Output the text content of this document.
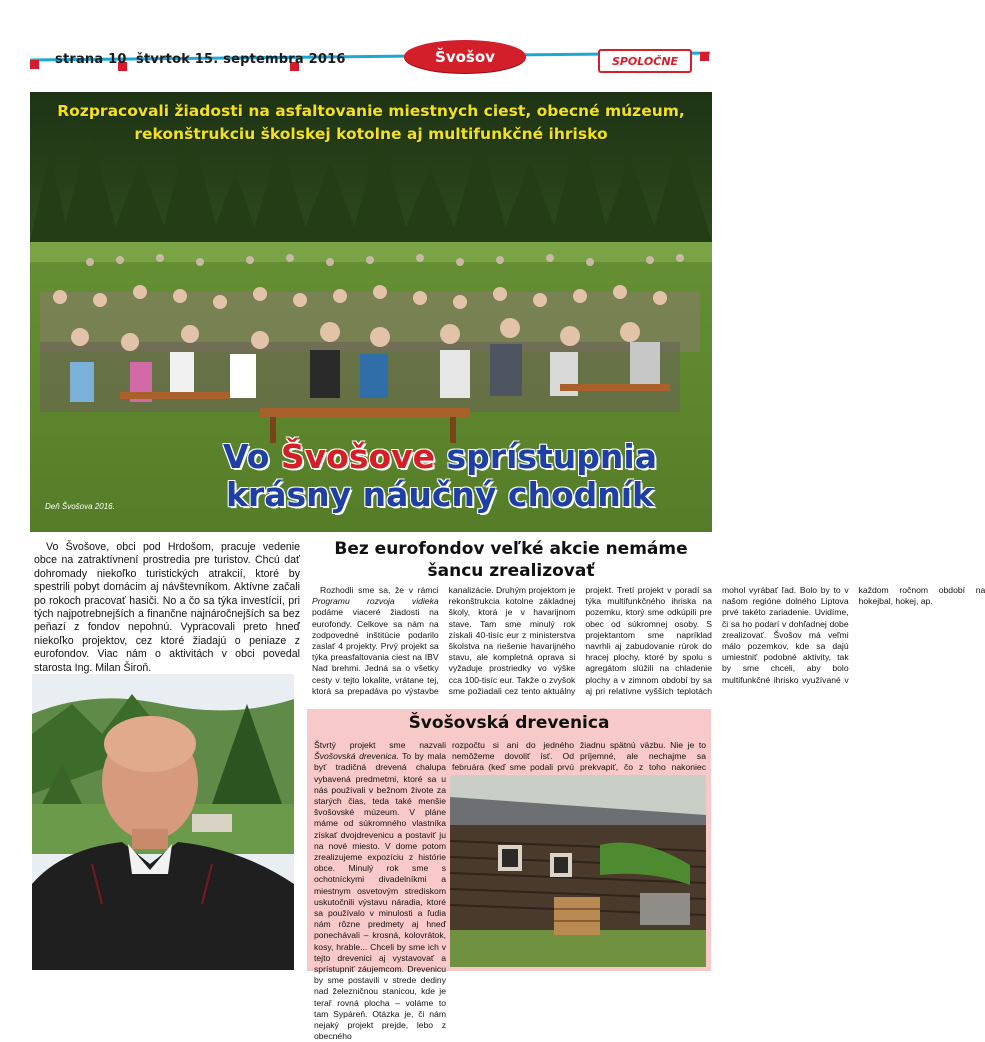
strana 10 štvrtok 15. septembra 2016	Švošov	SPOLOČNE
Rozpracovali žiadosti na asfaltovanie miestnych ciest, obecné múzeum,
rekonštrukciu školskej kotolne aj multifunkčné ihrisko
Vo Švošove sprístupnia
krásny náučný chodník
Deň Švošova 2016.
Vo Švošove, obci pod Hrdošom, pracuje vedenie obce na zatraktívnení prostredia pre turistov. Chcú dať dohromady niekoľko turistických atrakcií, ktoré by spestrili pobyt domácim aj návštevníkom. Aktívne začali po rokoch pracovať hasiči. No a čo sa týka investícií, pri tých najpotrebnejších a finančne najnáročnejších sa bez peňazí z fondov nepohnú. Vypracovali preto hneď niekoľko projektov, cez ktoré žiadajú o peniaze z eurofondov. Viac nám o aktivitách v obci povedal starosta Ing. Milan Široň.
Bez eurofondov veľké akcie nemáme
šancu zrealizovať

Rozhodli sme sa, že v rámci Programu rozvoja vidieka podáme viaceré žiadosti na eurofondy. Celkove sa nám na zodpovedné inštitúcie podarilo zaslať 4 projekty. Prvý projekt sa týka preasfaltovania ciest na IBV Nad brehmi. Jedná sa o všetky cesty v tejto lokalite, vrátane tej, ktorá sa prepadáva po výstavbe kanalizácie. Druhým projektom je rekonštrukcia kotolne základnej školy, ktorá je v havarijnom stave. Tam sme minulý rok získali 40-tisíc eur z ministerstva školstva na riešenie havarijného stavu, ale kompletná oprava si vyžaduje prostriedky vo výške cca 100-tisíc eur. Takže o zvyšok sme požiadali cez tento aktuálny projekt. Tretí projekt v poradí sa týka multifunkčného ihriska na pozemku, ktorý sme odkúpili pre obec od súkromnej osoby. S projektantom sme napríklad navrhli aj zabudovanie rúrok do hracej plochy, ktoré by spolu s agregátom slúžili na chladenie plochy a v zimnom období by sa aj pri relatívne vyšších teplotách mohol vyrábať ľad. Bolo by to v našom regióne dolného Liptova prvé takéto zariadenie. Uvidíme, či sa ho podarí v dohľadnej dobe zrealizovať. Švošov má veľmi málo pozemkov, kde sa dajú umiestniť podobné aktivity, tak by sme chceli, aby bolo multifunkčné ihrisko využívané v každom ročnom období na hokejbal, hokej, ap.

Švošovská drevenica
Štvrtý projekt sme nazvali Švošovská drevenica. To by mala byť tradičná drevená chalupa vybavená predmetmi, ktoré sa u nás používali v bežnom živote za starých čias, teda také menšie švošovské múzeum. V pláne máme od súkromného vlastníka získať dvojdrevenicu a postaviť ju na nové miesto. V dome potom zrealizujeme expozíciu z histórie obce. Minulý rok sme s ochotníckymi divadelníkmi a miestnym osvetovým strediskom uskutočnili výstavu náradia, ktoré sa používalo v minulosti a ľudia nám rôzne predmety aj hneď ponechávali – krosná, kolovrátok, kosy, hrable... Chceli by sme ich v tejto drevenici aj vystavovať a sprístupniť záujemcom. Drevenicu by sme postavili v strede dediny nad železničnou stanicou, kde je terař rovná plocha – voláme to tam Sypáreň. Otázka je, či nám nejaký projekt prejde, lebo z obecného
rozpočtu si ani do jedného nemôžeme dovoliť ísť. Od februára (keď sme podali prvú
žiadnu spätnú väzbu. Nie je to príjemné, ale nechajme sa prekvapiť, čo z toho nakoniec
